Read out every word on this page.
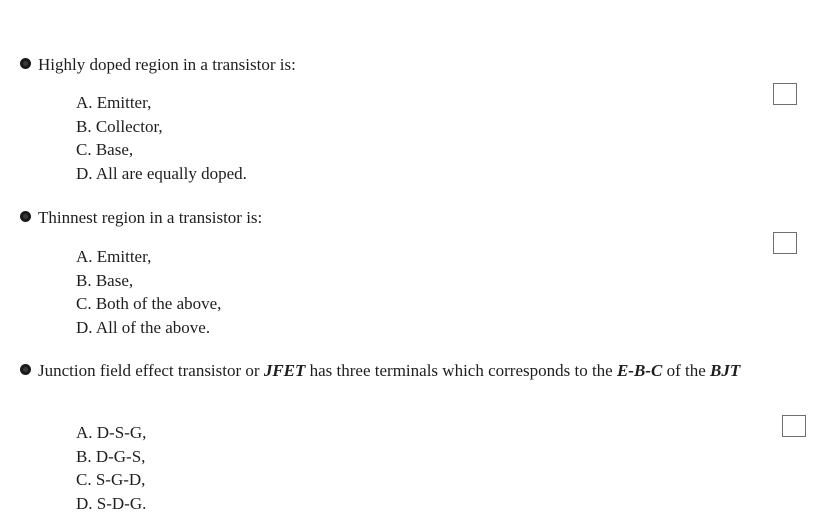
Highly doped region in a transistor is:
A. Emitter,
B. Collector,
C. Base,
D. All are equally doped.
Thinnest region in a transistor is:
A. Emitter,
B. Base,
C. Both of the above,
D. All of the above.
Junction field effect transistor or JFET has three terminals which corresponds to the E-B-C of the BJT
A. D-S-G,
B. D-G-S,
C. S-G-D,
D. S-D-G.
